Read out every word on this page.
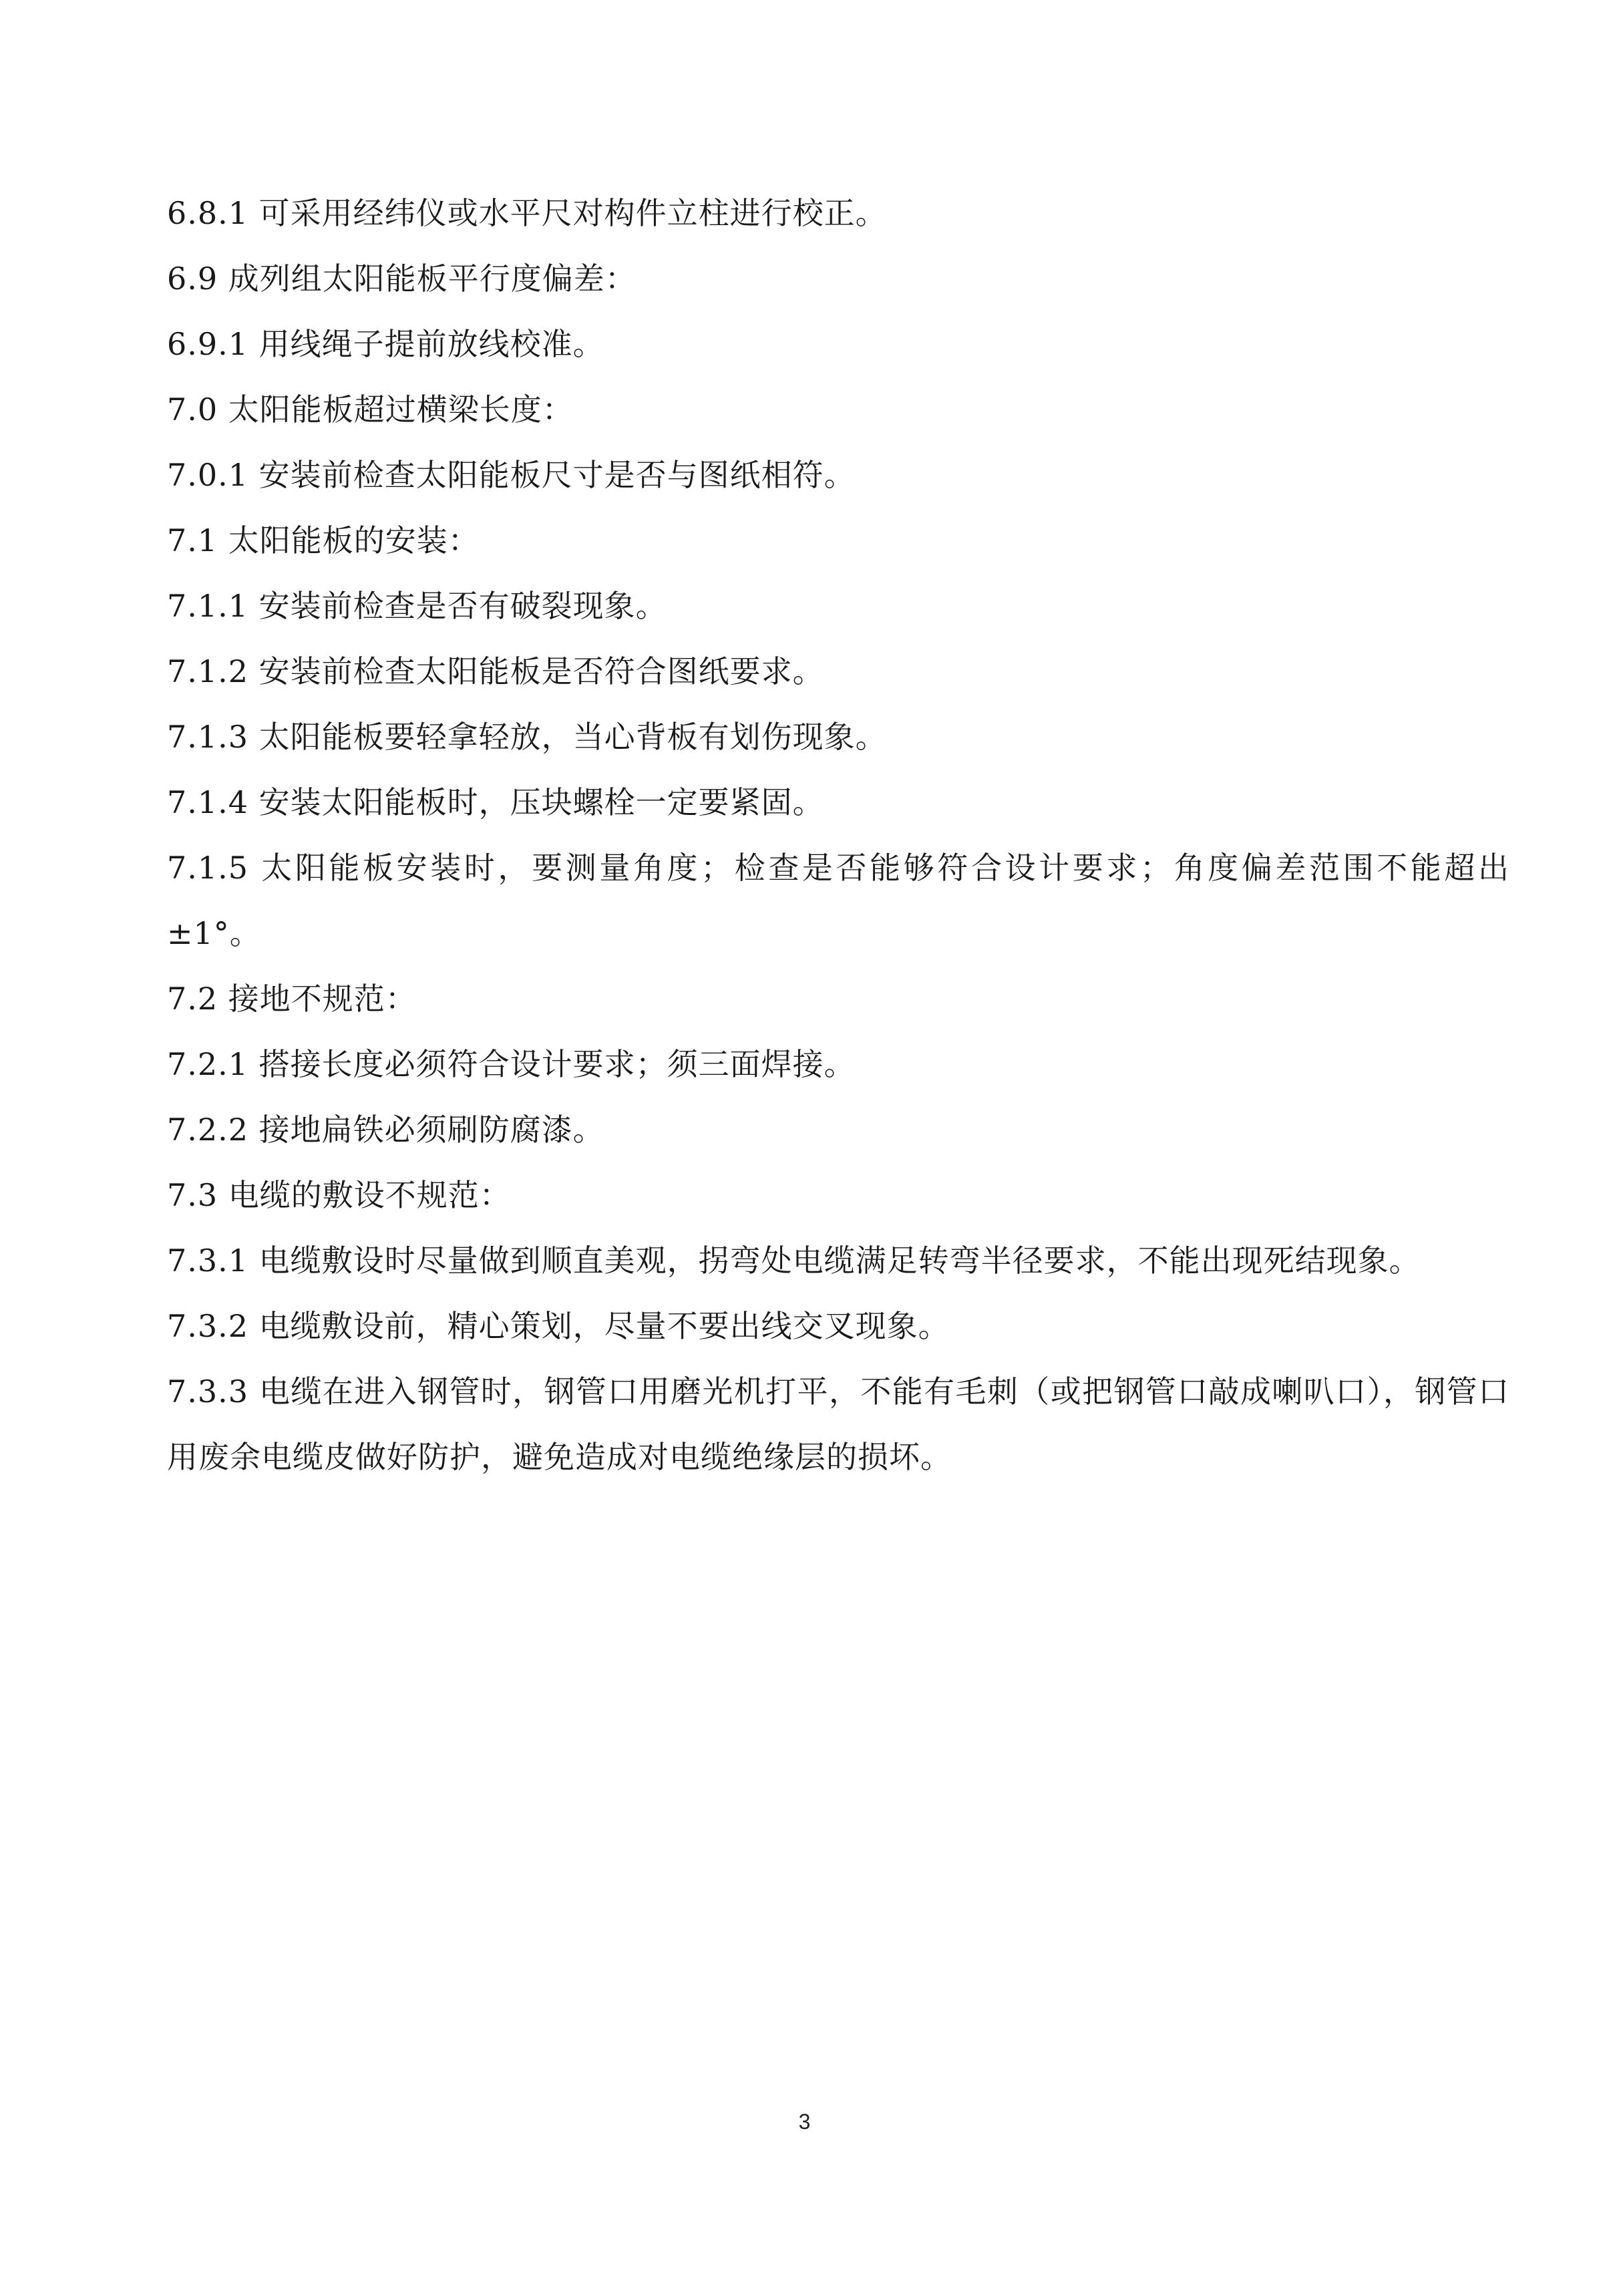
6.8.1 可采用经纬仪或水平尺对构件立柱进行校正。

6.9 成列组太阳能板平行度偏差：

6.9.1 用线绳子提前放线校准。

7.0 太阳能板超过横梁长度：

7.0.1 安装前检查太阳能板尺寸是否与图纸相符。

7.1 太阳能板的安装：

7.1.1 安装前检查是否有破裂现象。

7.1.2 安装前检查太阳能板是否符合图纸要求。

7.1.3 太阳能板要轻拿轻放，当心背板有划伤现象。

7.1.4 安装太阳能板时，压块螺栓一定要紧固。

7.1.5 太阳能板安装时，要测量角度；检查是否能够符合设计要求；角度偏差范围不能超出±1°。

7.2 接地不规范：

7.2.1 搭接长度必须符合设计要求；须三面焊接。

7.2.2 接地扁铁必须刷防腐漆。

7.3 电缆的敷设不规范：

7.3.1 电缆敷设时尽量做到顺直美观，拐弯处电缆满足转弯半径要求，不能出现死结现象。

7.3.2 电缆敷设前，精心策划，尽量不要出线交叉现象。

7.3.3 电缆在进入钢管时，钢管口用磨光机打平，不能有毛刺（或把钢管口敲成喇叭口），钢管口用废余电缆皮做好防护，避免造成对电缆绝缘层的损坏。

3
